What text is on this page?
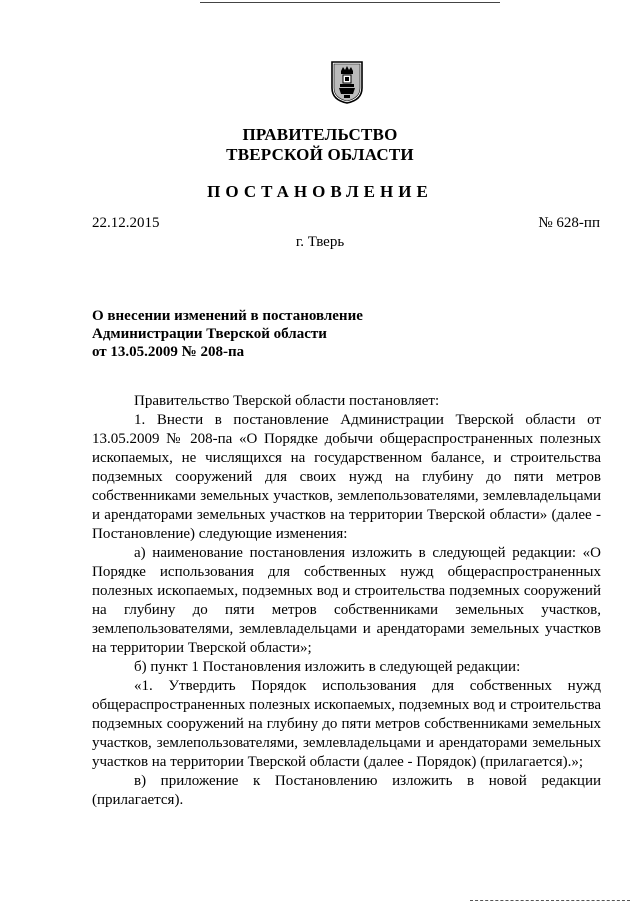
ПРАВИТЕЛЬСТВО
ТВЕРСКОЙ ОБЛАСТИ
ПОСТАНОВЛЕНИЕ
22.12.2015	№ 628-пп
г. Тверь
О внесении изменений в постановление
Администрации Тверской области
от 13.05.2009 № 208-па

Правительство Тверской области постановляет:

1. Внести в постановление Администрации Тверской области от 13.05.2009 № 208-па «О Порядке добычи общераспространенных полезных ископаемых, не числящихся на государственном балансе, и строительства подземных сооружений для своих нужд на глубину до пяти метров собственниками земельных участков, землепользователями, землевладельцами и арендаторами земельных участков на территории Тверской области» (далее - Постановление) следующие изменения:

а) наименование постановления изложить в следующей редакции: «О Порядке использования для собственных нужд общераспространенных полезных ископаемых, подземных вод и строительства подземных сооружений на глубину до пяти метров собственниками земельных участков, землепользователями, землевладельцами и арендаторами земельных участков на территории Тверской области»;

б) пункт 1 Постановления изложить в следующей редакции:

«1. Утвердить Порядок использования для собственных нужд общераспространенных полезных ископаемых, подземных вод и строительства подземных сооружений на глубину до пяти метров собственниками земельных участков, землепользователями, землевладельцами и арендаторами земельных участков на территории Тверской области (далее - Порядок) (прилагается).»;

в) приложение к Постановлению изложить в новой редакции (прилагается).
